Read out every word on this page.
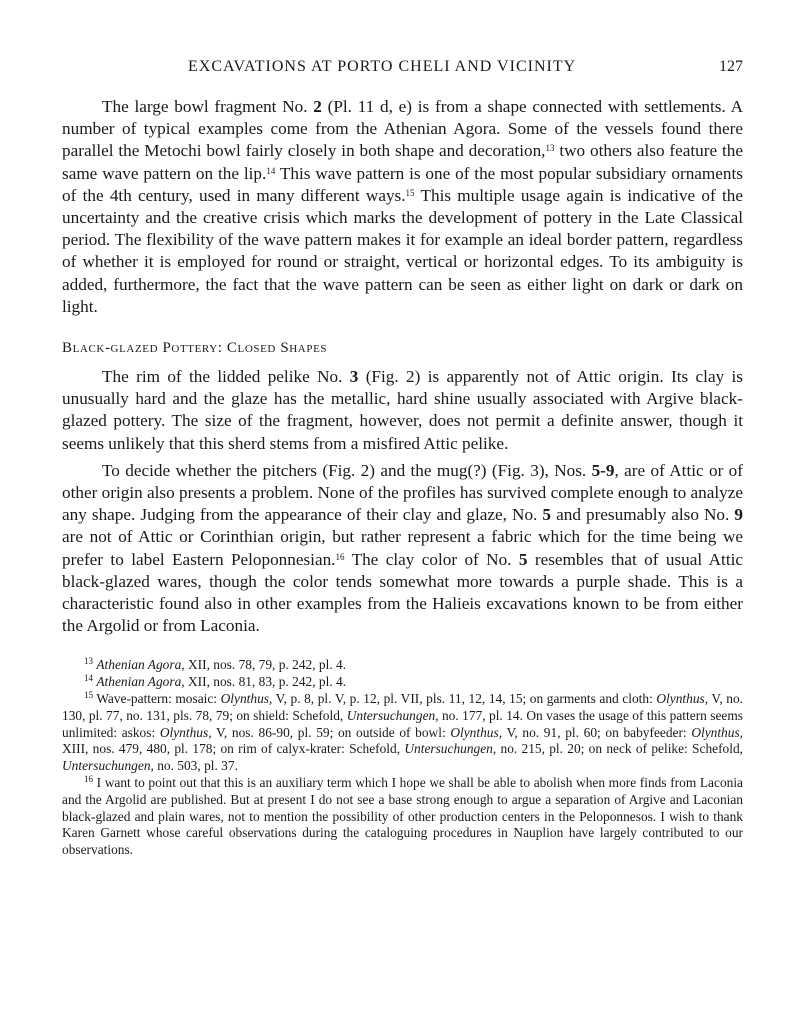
EXCAVATIONS AT PORTO CHELI AND VICINITY	127

The large bowl fragment No. 2 (Pl. 11 d, e) is from a shape connected with settlements. A number of typical examples come from the Athenian Agora. Some of the vessels found there parallel the Metochi bowl fairly closely in both shape and decoration,$^{13}$ two others also feature the same wave pattern on the lip.$^{14}$ This wave pattern is one of the most popular subsidiary ornaments of the 4th century, used in many different ways.$^{15}$ This multiple usage again is indicative of the uncertainty and the creative crisis which marks the development of pottery in the Late Classical period. The flexibility of the wave pattern makes it for example an ideal border pattern, regardless of whether it is employed for round or straight, vertical or horizontal edges. To its ambiguity is added, furthermore, the fact that the wave pattern can be seen as either light on dark or dark on light.

Black-glazed Pottery: Closed Shapes

The rim of the lidded pelike No. 3 (Fig. 2) is apparently not of Attic origin. Its clay is unusually hard and the glaze has the metallic, hard shine usually associated with Argive black-glazed pottery. The size of the fragment, however, does not permit a definite answer, though it seems unlikely that this sherd stems from a misfired Attic pelike.

To decide whether the pitchers (Fig. 2) and the mug(?) (Fig. 3), Nos. 5-9, are of Attic or of other origin also presents a problem. None of the profiles has survived complete enough to analyze any shape. Judging from the appearance of their clay and glaze, No. 5 and presumably also No. 9 are not of Attic or Corinthian origin, but rather represent a fabric which for the time being we prefer to label Eastern Peloponnesian.$^{16}$ The clay color of No. 5 resembles that of usual Attic black-glazed wares, though the color tends somewhat more towards a purple shade. This is a characteristic found also in other examples from the Halieis excavations known to be from either the Argolid or from Laconia.

$^{13}$ Athenian Agora, XII, nos. 78, 79, p. 242, pl. 4.

$^{14}$ Athenian Agora, XII, nos. 81, 83, p. 242, pl. 4.

$^{15}$ Wave-pattern: mosaic: Olynthus, V, p. 8, pl. V, p. 12, pl. VII, pls. 11, 12, 14, 15; on garments and cloth: Olynthus, V, no. 130, pl. 77, no. 131, pls. 78, 79; on shield: Schefold, Untersuchungen, no. 177, pl. 14. On vases the usage of this pattern seems unlimited: askos: Olynthus, V, nos. 86-90, pl. 59; on outside of bowl: Olynthus, V, no. 91, pl. 60; on babyfeeder: Olynthus, XIII, nos. 479, 480, pl. 178; on rim of calyx-krater: Schefold, Untersuchungen, no. 215, pl. 20; on neck of pelike: Schefold, Untersuchungen, no. 503, pl. 37.

$^{16}$ I want to point out that this is an auxiliary term which I hope we shall be able to abolish when more finds from Laconia and the Argolid are published. But at present I do not see a base strong enough to argue a separation of Argive and Laconian black-glazed and plain wares, not to mention the possibility of other production centers in the Peloponnesos. I wish to thank Karen Garnett whose careful observations during the cataloguing procedures in Nauplion have largely contributed to our observations.
